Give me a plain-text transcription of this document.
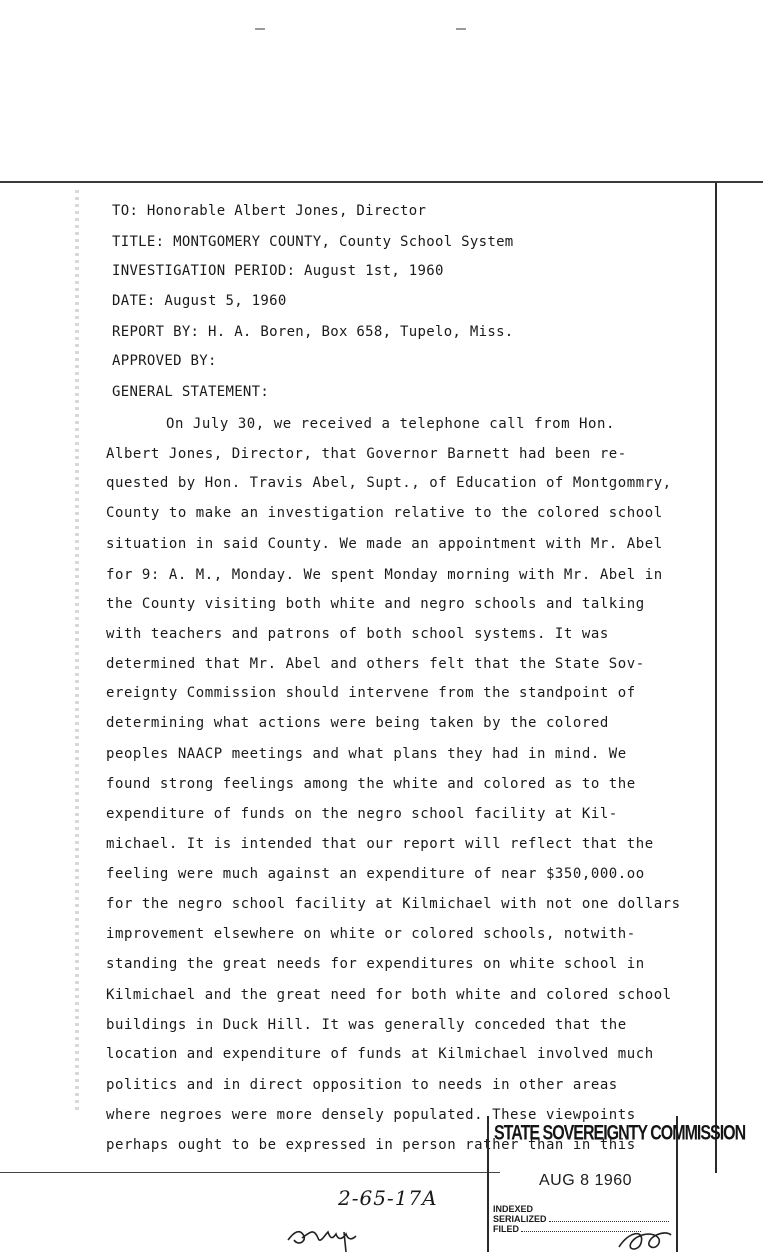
TO: Honorable Albert Jones, Director
TITLE: MONTGOMERY COUNTY, County School System
INVESTIGATION PERIOD: August 1st, 1960
DATE: August 5, 1960
REPORT BY: H. A. Boren, Box 658, Tupelo, Miss.
APPROVED BY:
GENERAL STATEMENT:
On July 30, we received a telephone call from Hon.
Albert Jones, Director, that Governor Barnett had been re-
quested by Hon. Travis Abel, Supt., of Education of Montgommry,
County to make an investigation relative to the colored school
situation in said County. We made an appointment with Mr. Abel
for 9: A. M., Monday. We spent Monday morning with Mr. Abel in
the County visiting both white and negro schools and talking
with teachers and patrons of both school systems. It was
determined that Mr. Abel and others felt that the State Sov-
ereignty Commission should intervene from the standpoint of
determining what actions were being taken by the colored
peoples NAACP meetings and what plans they had in mind. We
found strong feelings among the white and colored as to the
expenditure of funds on the negro school facility at Kil-
michael. It is intended that our report will reflect that the
feeling were much against an expenditure of near $350,000.oo
for the negro school facility at Kilmichael with not one dollars
improvement elsewhere on white or colored schools, notwith-
standing the great needs for expenditures on white school in
Kilmichael and the great need for both white and colored school
buildings in Duck Hill. It was generally conceded that the
location and expenditure of funds at Kilmichael involved much
politics and in direct opposition to needs in other areas
where negroes were more densely populated. These viewpoints
perhaps ought to be expressed in person rather than in this
2-65-17A
STATE SOVEREIGNTY COMMISSION
AUG 8 1960
INDEXED
SERIALIZED
FILED
